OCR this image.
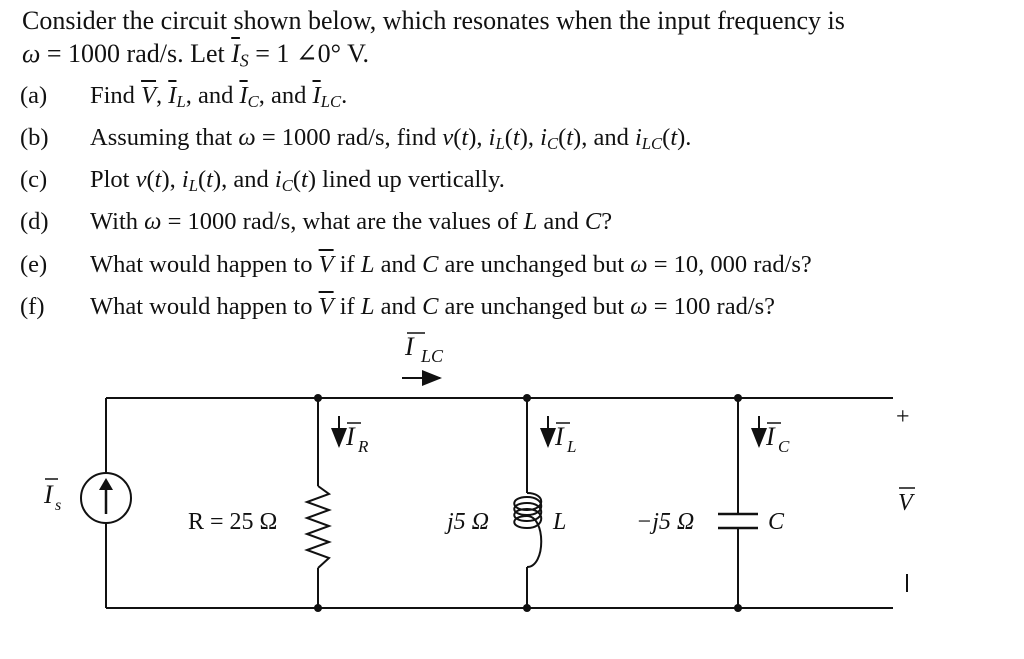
Consider the circuit shown below, which resonates when the input frequency is
ω = 1000 rad/s. Let $\overline{I}_S = 1$ ∠0° V.
(a) Find $\overline{V}$, $\overline{I}_L$, and $\overline{I}_C$, and $\overline{I}_{LC}$.
(b) Assuming that ω = 1000 rad/s, find v(t), $i_L(t)$, $i_C(t)$, and $i_{LC}(t)$.
(c) Plot v(t), $i_L(t)$, and $i_C(t)$ lined up vertically.
(d) With ω = 1000 rad/s, what are the values of L and C?
(e) What would happen to $\overline{V}$ if L and C are unchanged but ω = 10, 000 rad/s?
(f) What would happen to $\overline{V}$ if L and C are unchanged but ω = 100 rad/s?
I LC
I s
R = 25 Ω
I R
j5 Ω	L
I L
−j5 Ω	C
I C
+
V
